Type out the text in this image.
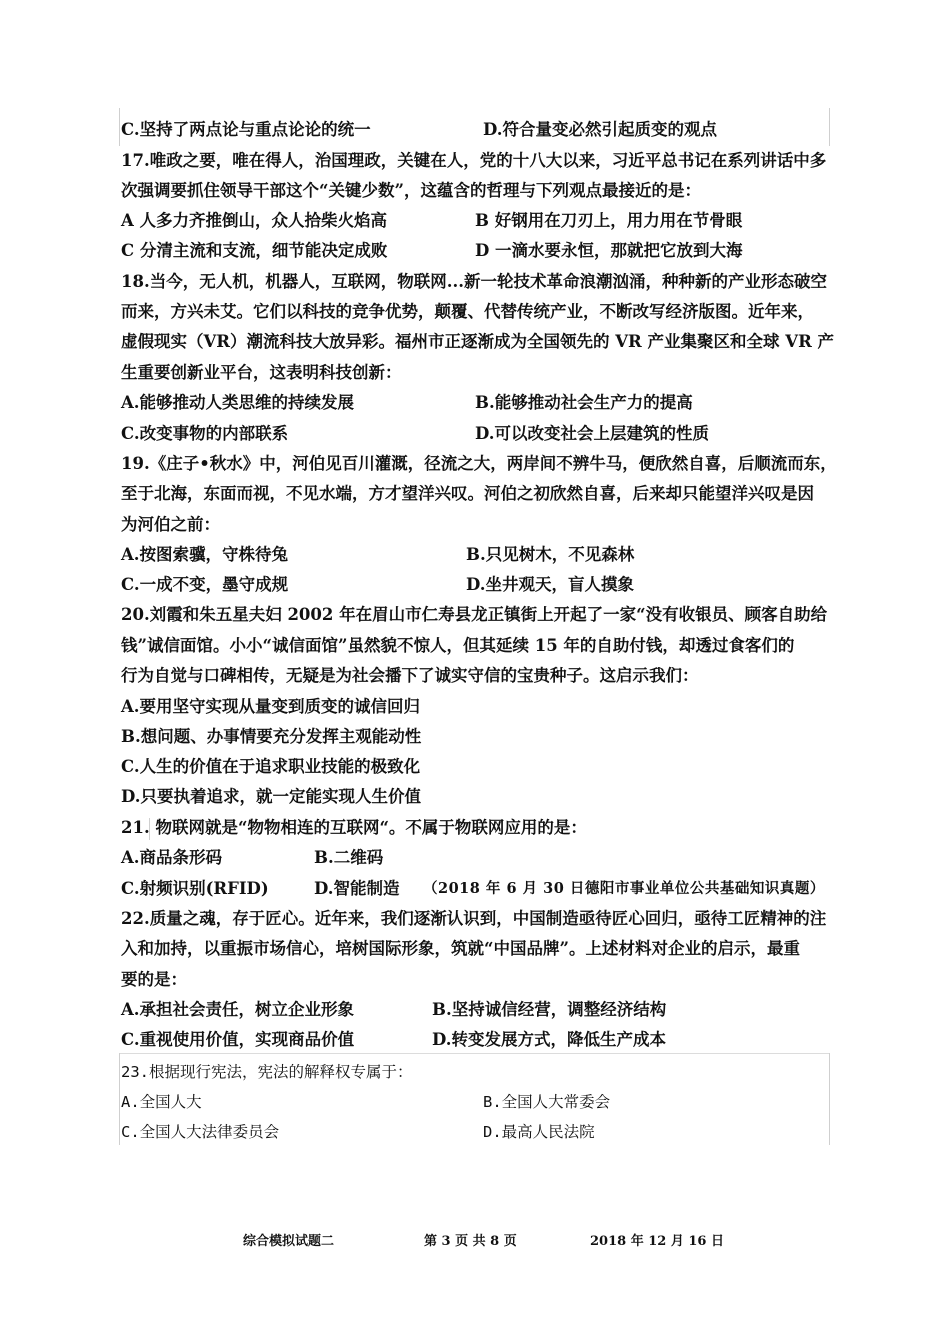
C.坚持了两点论与重点论论的统一	D.符合量变必然引起质变的观点
17.唯政之要，唯在得人，治国理政，关键在人，党的十八大以来，习近平总书记在系列讲话中多
次强调要抓住领导干部这个“关键少数”，这蕴含的哲理与下列观点最接近的是：
A 人多力齐推倒山，众人拾柴火焰高	B 好钢用在刀刃上，用力用在节骨眼
C 分清主流和支流，细节能决定成败	D 一滴水要永恒，那就把它放到大海
18.当今，无人机，机器人，互联网，物联网...新一轮技术革命浪潮汹涌，种种新的产业形态破空
而来，方兴未艾。它们以科技的竞争优势，颠覆、代替传统产业，不断改写经济版图。近年来，
虚假现实（VR）潮流科技大放异彩。福州市正逐渐成为全国领先的 VR 产业集聚区和全球 VR 产
生重要创新业平台，这表明科技创新：
A.能够推动人类思维的持续发展	B.能够推动社会生产力的提高
C.改变事物的内部联系	D.可以改变社会上层建筑的性质
19.《庄子•秋水》中，河伯见百川灌溉，径流之大，两岸间不辨牛马，便欣然自喜，后顺流而东，
至于北海，东面而视，不见水端，方才望洋兴叹。河伯之初欣然自喜，后来却只能望洋兴叹是因
为河伯之前：
A.按图索骥，守株待兔	B.只见树木，不见森林
C.一成不变，墨守成规	D.坐井观天，盲人摸象
20.刘霞和朱五星夫妇 2002 年在眉山市仁寿县龙正镇街上开起了一家“没有收银员、顾客自助给
钱”诚信面馆。小小“诚信面馆”虽然貌不惊人，但其延续 15 年的自助付钱，却透过食客们的
行为自觉与口碑相传，无疑是为社会播下了诚实守信的宝贵种子。这启示我们：
A.要用坚守实现从量变到质变的诚信回归
B.想问题、办事情要充分发挥主观能动性
C.人生的价值在于追求职业技能的极致化
D.只要执着追求，就一定能实现人生价值
21. 物联网就是“物物相连的互联网“。不属于物联网应用的是：
A.商品条形码	B.二维码
C.射频识别(RFID)	D.智能制造 （2018 年 6 月 30 日德阳市事业单位公共基础知识真题）
22.质量之魂，存于匠心。近年来，我们逐渐认识到，中国制造亟待匠心回归，亟待工匠精神的注
入和加持，以重振市场信心，培树国际形象，筑就“中国品牌”。上述材料对企业的启示，最重
要的是：
A.承担社会责任，树立企业形象	B.坚持诚信经营，调整经济结构
C.重视使用价值，实现商品价值	D.转变发展方式，降低生产成本
23.根据现行宪法，宪法的解释权专属于：
A.全国人大	B.全国人大常委会
C.全国人大法律委员会	D.最高人民法院
综合模拟试题二	第 3 页 共 8 页	2018 年 12 月 16 日
